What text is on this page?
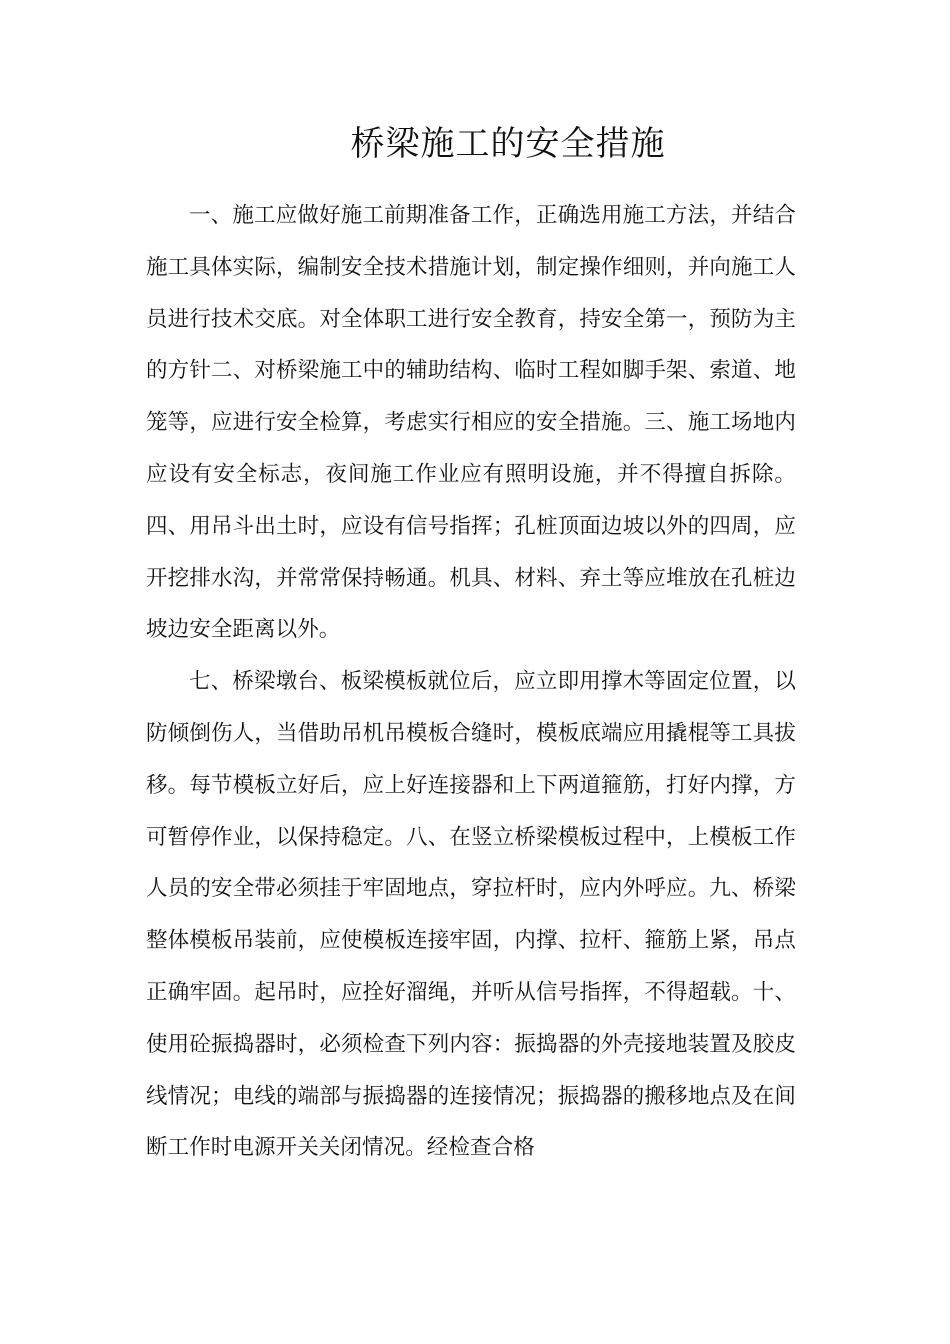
桥梁施工的安全措施

一、施工应做好施工前期准备工作，正确选用施工方法，并结合施工具体实际，编制安全技术措施计划，制定操作细则，并向施工人员进行技术交底。对全体职工进行安全教育，持安全第一，预防为主的方针二、对桥梁施工中的辅助结构、临时工程如脚手架、索道、地笼等，应进行安全检算，考虑实行相应的安全措施。三、施工场地内应设有安全标志，夜间施工作业应有照明设施，并不得擅自拆除。四、用吊斗出土时，应设有信号指挥；孔桩顶面边坡以外的四周，应开挖排水沟，并常常保持畅通。机具、材料、弃土等应堆放在孔桩边坡边安全距离以外。

七、桥梁墩台、板梁模板就位后，应立即用撑木等固定位置，以防倾倒伤人，当借助吊机吊模板合缝时，模板底端应用撬棍等工具拔移。每节模板立好后，应上好连接器和上下两道箍筋，打好内撑，方可暂停作业，以保持稳定。八、在竖立桥梁模板过程中，上模板工作人员的安全带必须挂于牢固地点，穿拉杆时，应内外呼应。九、桥梁整体模板吊装前，应使模板连接牢固，内撑、拉杆、箍筋上紧，吊点正确牢固。起吊时，应拴好溜绳，并听从信号指挥，不得超载。十、使用砼振捣器时，必须检查下列内容：振捣器的外壳接地装置及胶皮线情况；电线的端部与振捣器的连接情况；振捣器的搬移地点及在间断工作时电源开关关闭情况。经检查合格
